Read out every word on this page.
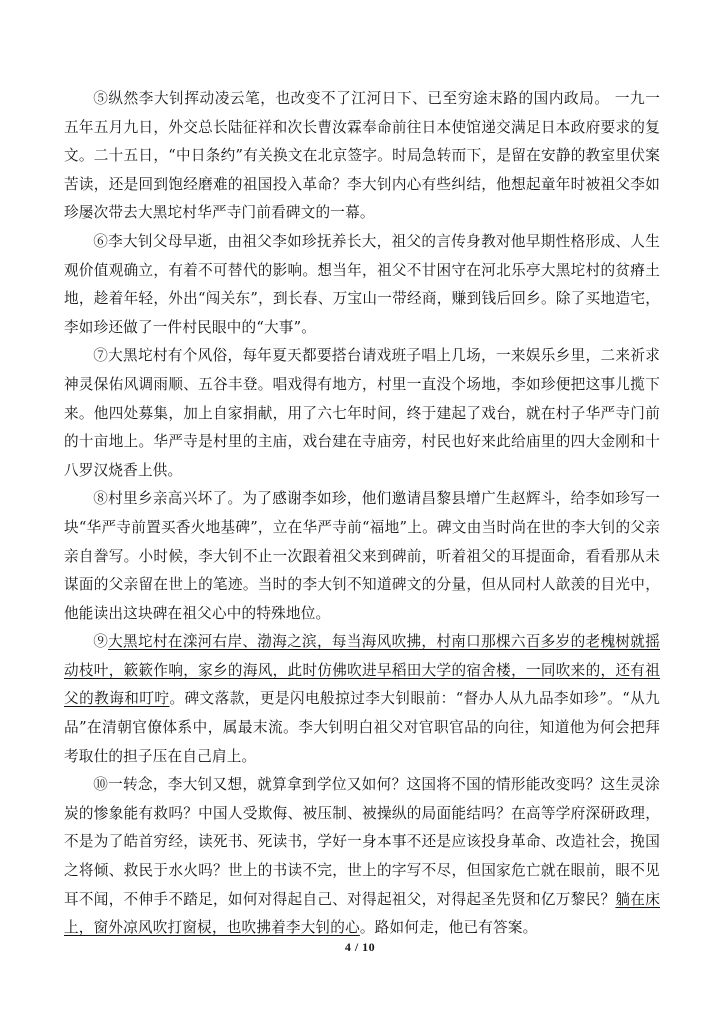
⑤纵然李大钊挥动凌云笔，也改变不了江河日下、已至穷途末路的国内政局。 一九一五年五月九日，外交总长陆征祥和次长曹汝霖奉命前往日本使馆递交满足日本政府要求的复文。二十五日，“中日条约”有关换文在北京签字。时局急转而下，是留在安静的教室里伏案苦读，还是回到饱经磨难的祖国投入革命？李大钊内心有些纠结，他想起童年时被祖父李如珍屡次带去大黑坨村华严寺门前看碑文的一幕。

⑥李大钊父母早逝，由祖父李如珍抚养长大，祖父的言传身教对他早期性格形成、人生观价值观确立，有着不可替代的影响。想当年，祖父不甘困守在河北乐亭大黑坨村的贫瘠土地，趁着年轻，外出“闯关东”，到长春、万宝山一带经商，赚到钱后回乡。除了买地造宅，李如珍还做了一件村民眼中的“大事”。

⑦大黑坨村有个风俗，每年夏天都要搭台请戏班子唱上几场，一来娱乐乡里，二来祈求神灵保佑风调雨顺、五谷丰登。唱戏得有地方，村里一直没个场地，李如珍便把这事儿揽下来。他四处募集，加上自家捐献，用了六七年时间，终于建起了戏台，就在村子华严寺门前的十亩地上。华严寺是村里的主庙，戏台建在寺庙旁，村民也好来此给庙里的四大金刚和十八罗汉烧香上供。

⑧村里乡亲高兴坏了。为了感谢李如珍，他们邀请昌黎县增广生赵辉斗，给李如珍写一块“华严寺前置买香火地基碑”，立在华严寺前“福地”上。碑文由当时尚在世的李大钊的父亲亲自誊写。小时候，李大钊不止一次跟着祖父来到碑前，听着祖父的耳提面命，看看那从未谋面的父亲留在世上的笔迹。当时的李大钊不知道碑文的分量，但从同村人歆羡的目光中，他能读出这块碑在祖父心中的特殊地位。

⑨大黑坨村在滦河右岸、渤海之滨，每当海风吹拂，村南口那棵六百多岁的老槐树就摇动枝叶，簌簌作响，家乡的海风，此时仿佛吹进早稻田大学的宿舍楼，一同吹来的，还有祖父的教诲和叮咛。碑文落款，更是闪电般掠过李大钊眼前：“督办人从九品李如珍”。“从九品”在清朝官僚体系中，属最末流。李大钊明白祖父对官职官品的向往，知道他为何会把拜考取仕的担子压在自己肩上。

⑩一转念，李大钊又想，就算拿到学位又如何？这国将不国的情形能改变吗？这生灵涂炭的惨象能有救吗？中国人受欺侮、被压制、被操纵的局面能结吗？在高等学府深研政理，不是为了皓首穷经，读死书、死读书，学好一身本事不还是应该投身革命、改造社会，挽国之将倾、救民于水火吗？世上的书读不完，世上的字写不尽，但国家危亡就在眼前，眼不见耳不闻，不伸手不踏足，如何对得起自己、对得起祖父，对得起圣先贤和亿万黎民？躺在床上，窗外凉风吹打窗棂，也吹拂着李大钊的心。路如何走，他已有答案。

4 / 10
